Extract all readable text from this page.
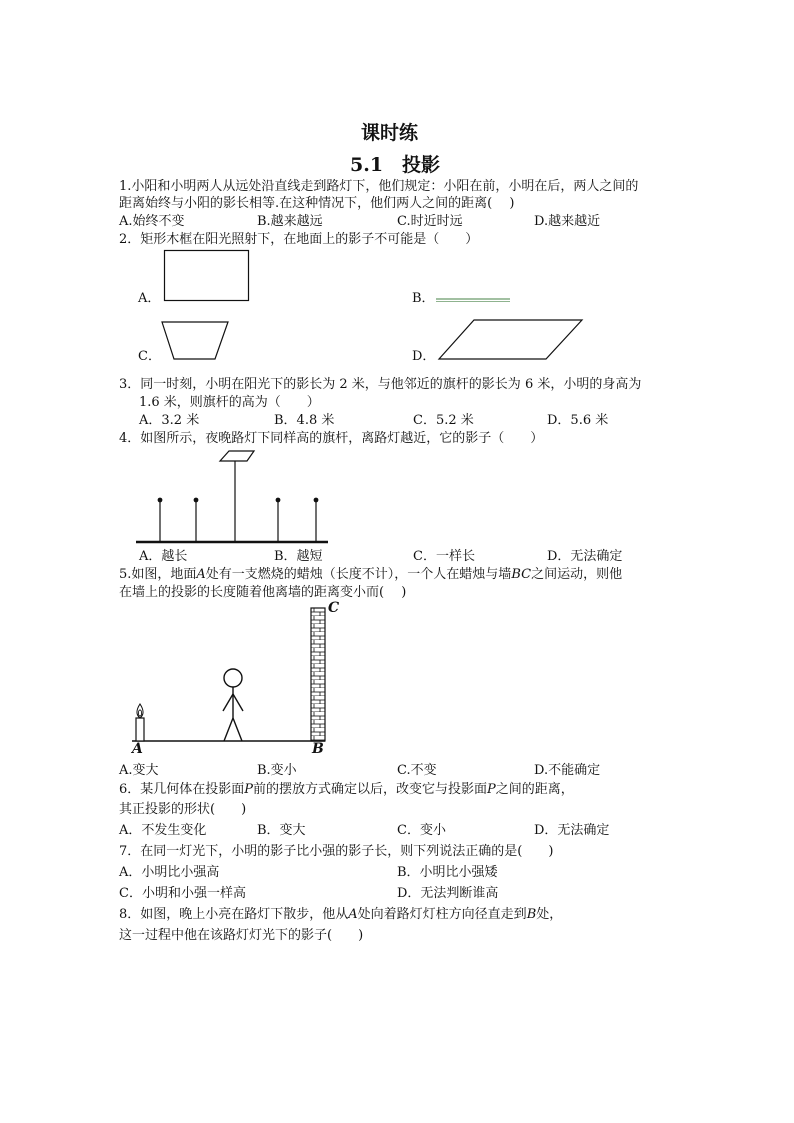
课时练
5.1　投影
1.小阳和小明两人从远处沿直线走到路灯下，他们规定：小阳在前，小明在后，两人之间的
距离始终与小阳的影长相等.在这种情况下，他们两人之间的距离(　 )
A.始终不变	B.越来越远	C.时近时远	D.越来越近
2．矩形木框在阳光照射下，在地面上的影子不可能是（　　）
A．	B．
C．	D．
3．同一时刻，小明在阳光下的影长为 2 米，与他邻近的旗杆的影长为 6 米，小明的身高为
1.6 米，则旗杆的高为（　　）
A．3.2 米	B．4.8 米	C．5.2 米	D．5.6 米
4．如图所示，夜晚路灯下同样高的旗杆，离路灯越近，它的影子（　　）
A．越长	B．越短	C．一样长	D．无法确定
5.如图，地面A处有一支燃烧的蜡烛（长度不计），一个人在蜡烛与墙BC之间运动，则他
在墙上的投影的长度随着他离墙的距离变小而(　 )
A	B
C
A.变大	B.变小	C.不变	D.不能确定
6．某几何体在投影面P前的摆放方式确定以后，改变它与投影面P之间的距离，
其正投影的形状(　　)
A．不发生变化	B．变大	C．变小	D．无法确定
7．在同一灯光下，小明的影子比小强的影子长，则下列说法正确的是(　　)
A．小明比小强高	B．小明比小强矮
C．小明和小强一样高	D．无法判断谁高
8．如图，晚上小亮在路灯下散步，他从A处向着路灯灯柱方向径直走到B处，
这一过程中他在该路灯灯光下的影子(　　)
